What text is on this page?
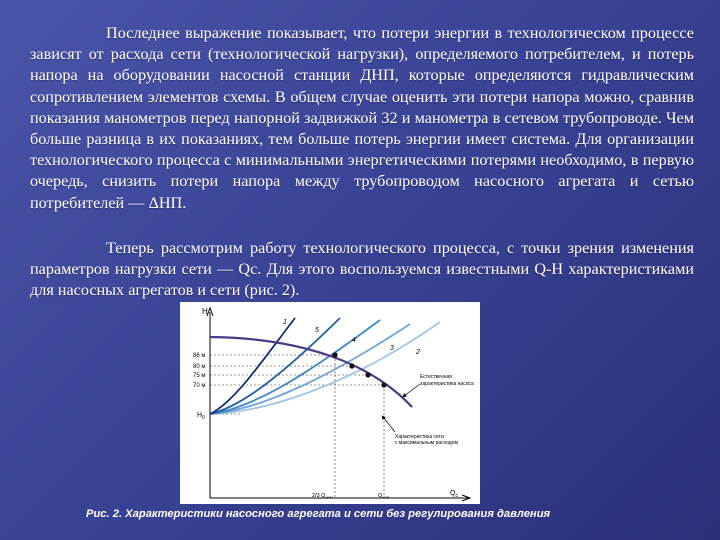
Последнее выражение показывает, что потери энергии в технологическом процессе зависят от расхода сети (технологической нагрузки), определяемого потребителем, и потерь напора на оборудовании насосной станции ДНП, которые определяются гидравлическим сопротивлением элементов схемы. В общем случае оценить эти потери напора можно, сравнив показания манометров перед напорной задвижкой 32 и манометра в сетевом трубопроводе. Чем больше разница в их показаниях, тем больше потерь энергии имеет система. Для организации технологического процесса с минимальными энергетическими потерями необходимо, в первую очередь, снизить потери напора между трубопроводом насосного агрегата и сетью потребителей — ΔHП.

Теперь рассмотрим работу технологического процесса, с точки зрения изменения параметров нагрузки сети — Qс. Для этого воспользуемся известными Q-H характеристиками для насосных агрегатов и сети (рис. 2).

H
$Q_c$
86 м
80 м
75 м
70 м
$H_0$
1
5
4
3
2
Естественная
характеристика насоса
Характеристика сети
с максимальным расходом
2/3 $Q_{ном}$	$Q_{ном}$

Рис. 2. Характеристики насосного агрегата и сети без регулирования давления
